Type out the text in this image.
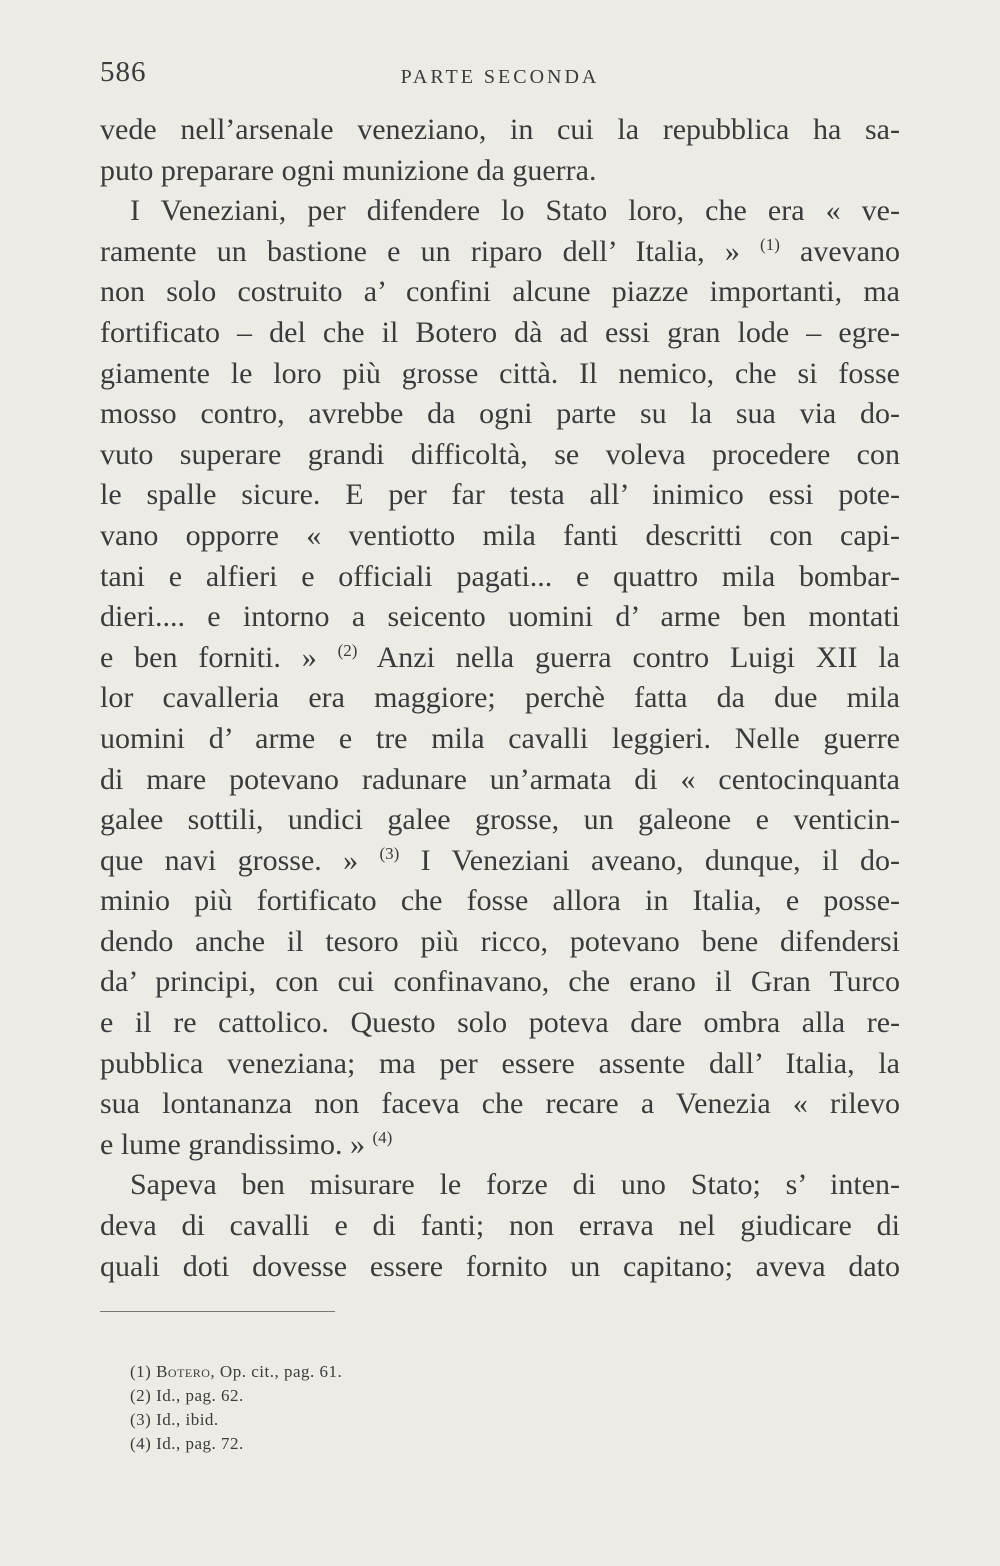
586	PARTE SECONDA
vede nell’arsenale veneziano, in cui la repubblica ha sa-
puto preparare ogni munizione da guerra.
I Veneziani, per difendere lo Stato loro, che era « ve-
ramente un bastione e un riparo dell’ Italia, » $^{(1)}$ avevano
non solo costruito a’ confini alcune piazze importanti, ma
fortificato – del che il Botero dà ad essi gran lode – egre-
giamente le loro più grosse città. Il nemico, che si fosse
mosso contro, avrebbe da ogni parte su la sua via do-
vuto superare grandi difficoltà, se voleva procedere con
le spalle sicure. E per far testa all’ inimico essi pote-
vano opporre « ventiotto mila fanti descritti con capi-
tani e alfieri e officiali pagati... e quattro mila bombar-
dieri.... e intorno a seicento uomini d’ arme ben montati
e ben forniti. » $^{(2)}$ Anzi nella guerra contro Luigi XII la
lor cavalleria era maggiore; perchè fatta da due mila
uomini d’ arme e tre mila cavalli leggieri. Nelle guerre
di mare potevano radunare un’armata di « centocinquanta
galee sottili, undici galee grosse, un galeone e venticin-
que navi grosse. » $^{(3)}$ I Veneziani aveano, dunque, il do-
minio più fortificato che fosse allora in Italia, e posse-
dendo anche il tesoro più ricco, potevano bene difendersi
da’ principi, con cui confinavano, che erano il Gran Turco
e il re cattolico. Questo solo poteva dare ombra alla re-
pubblica veneziana; ma per essere assente dall’ Italia, la
sua lontananza non faceva che recare a Venezia « rilevo
e lume grandissimo. » $^{(4)}$
Sapeva ben misurare le forze di uno Stato; s’ inten-
deva di cavalli e di fanti; non errava nel giudicare di
quali doti dovesse essere fornito un capitano; aveva dato
(1) Botero, Op. cit., pag. 61.
(2) Id., pag. 62.
(3) Id., ibid.
(4) Id., pag. 72.
